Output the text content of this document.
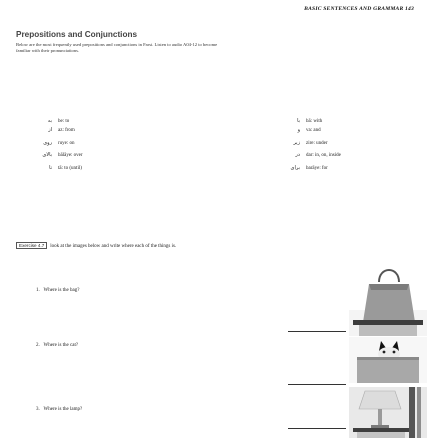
BASIC SENTENCES AND GRAMMAR 143
Prepositions and Conjunctions
Below are the most frequently used prepositions and conjunctions in Farsi. Listen to audio A04-12 to become familiar with their pronunciations.
به be: to
از az: from
روی ruye: on
بالای bālāye: over
تا tā: to (until)
با bā: with
و va: and
زیر zire: under
در dar: in, on, inside
برای barāye: for
Exercise 4.7 look at the images below and write where each of the things is.
1. Where is the bag?
2. Where is the cat?
3. Where is the lamp?
